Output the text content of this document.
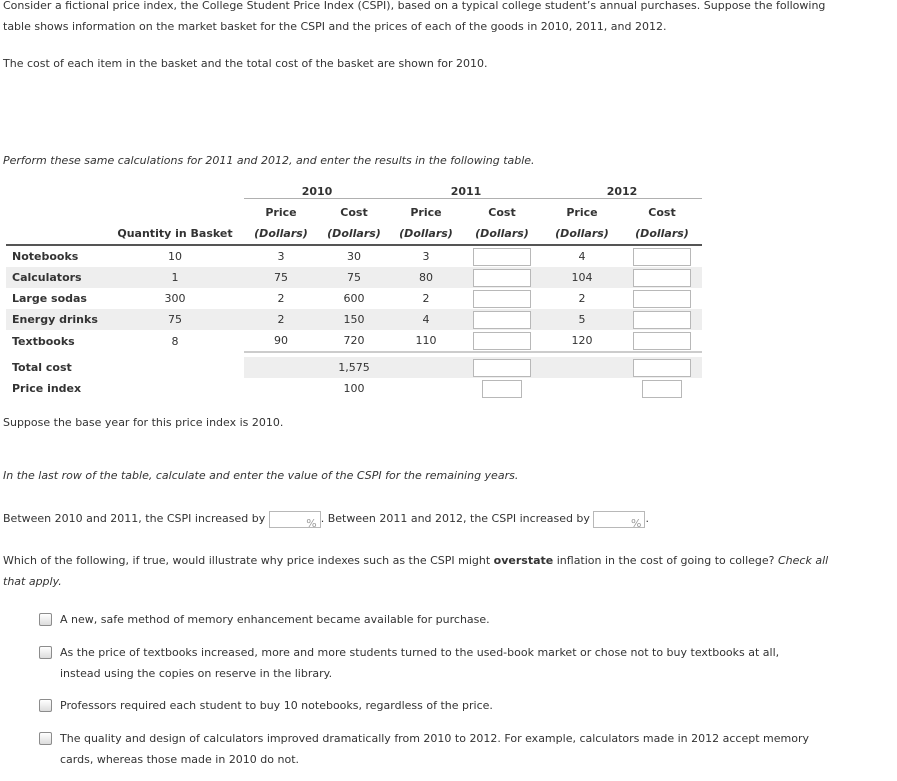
Consider a fictional price index, the College Student Price Index (CSPI), based on a typical college student’s annual purchases. Suppose the following

table shows information on the market basket for the CSPI and the prices of each of the goods in 2010, 2011, and 2012.

The cost of each item in the basket and the total cost of the basket are shown for 2010.

Perform these same calculations for 2011 and 2012, and enter the results in the following table.

		2010		2011		2012	

		Price	Cost	Price	Cost	Price	Cost
	Quantity in Basket	(Dollars)	(Dollars)	(Dollars)	(Dollars)	(Dollars)	(Dollars)
Notebooks	10	3	30	3		4	
Calculators	1	75	75	80		104	
Large sodas	300	2	600	2		2	
Energy drinks	75	2	150	4		5	
Textbooks	8	90	720	110		120	

Total cost			1,575				
Price index			100				

Suppose the base year for this price index is 2010.

In the last row of the table, calculate and enter the value of the CSPI for the remaining years.

Between 2010 and 2011, the CSPI increased by	% . Between 2011 and 2012, the CSPI increased by	% .

Which of the following, if true, would illustrate why price indexes such as the CSPI might overstate inflation in the cost of going to college? Check all
that apply.

A new, safe method of memory enhancement became available for purchase.

As the price of textbooks increased, more and more students turned to the used-book market or chose not to buy textbooks at all,
instead using the copies on reserve in the library.

Professors required each student to buy 10 notebooks, regardless of the price.

The quality and design of calculators improved dramatically from 2010 to 2012. For example, calculators made in 2012 accept memory
cards, whereas those made in 2010 do not.
